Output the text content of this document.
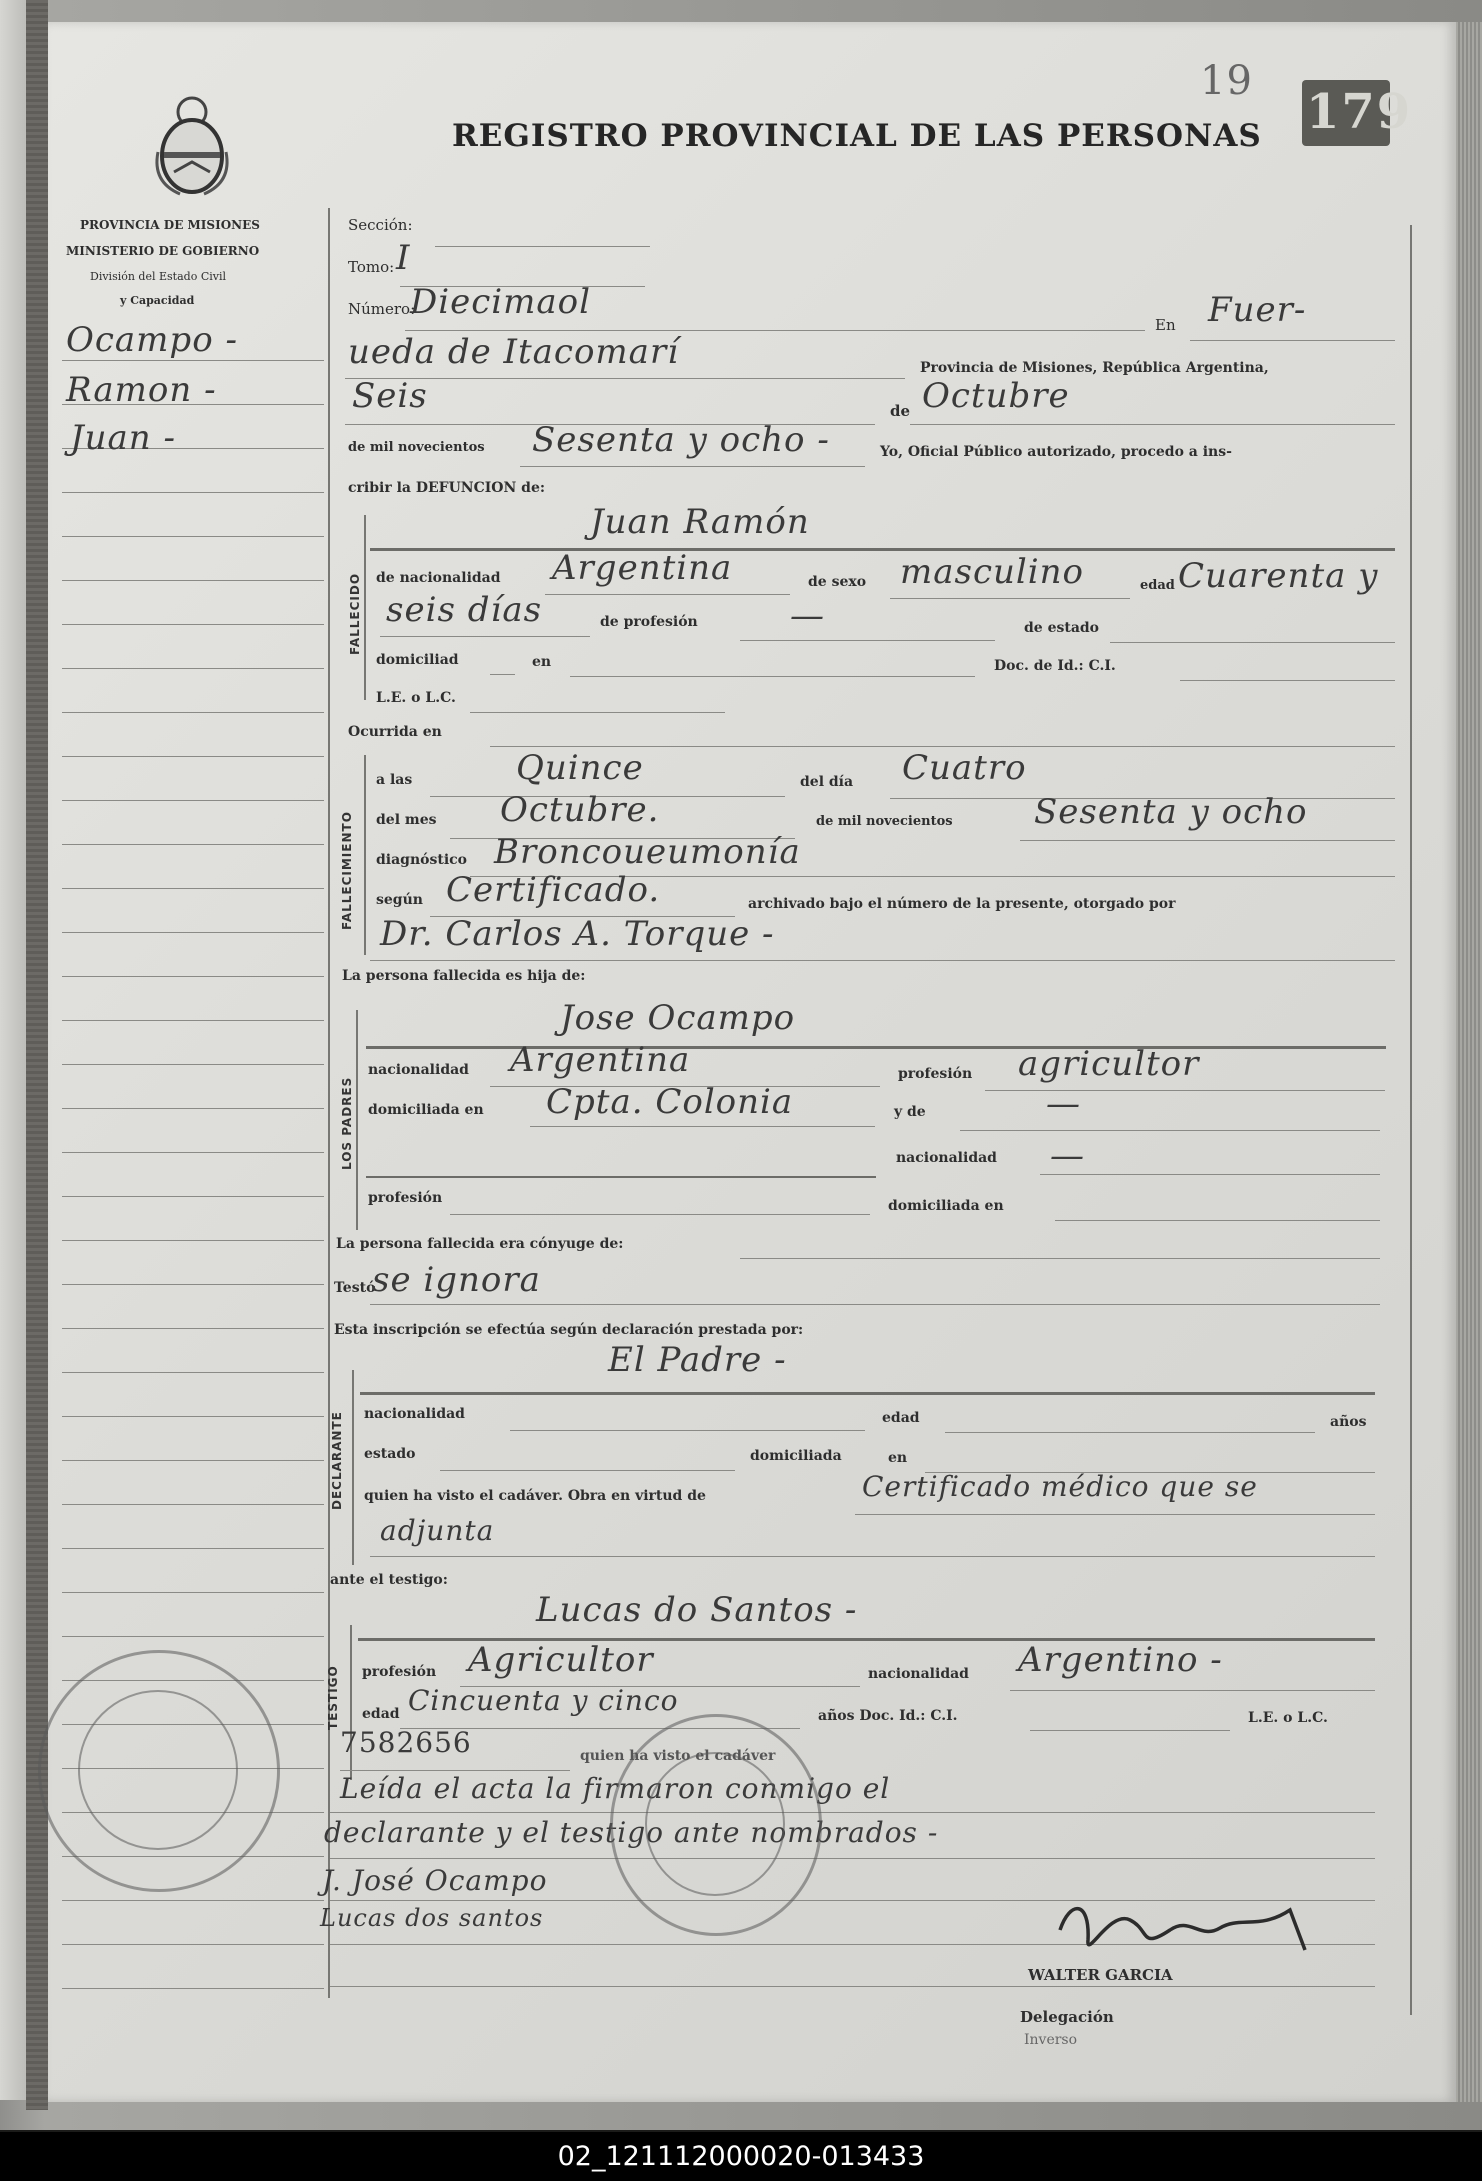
19
179
REGISTRO PROVINCIAL DE LAS PERSONAS
PROVINCIA DE MISIONES
MINISTERIO DE GOBIERNO
División del Estado Civil
y Capacidad
Ocampo -
Ramon -
Juan -
Sección:
Tomo: I
Número:
Diecimaol
En Fuer-
ueda de Itacomarí	Provincia de Misiones, República Argentina,
Seis	de Octubre
de mil novecientos Sesenta y ocho -	Yo, Oficial Público autorizado, procedo a ins-
cribir la DEFUNCION de:
FALLECIDO
Juan Ramón
de nacionalidad Argentina	de sexo masculino	edad Cuarenta y
seis días	de profesión	—	de estado
domiciliad	en	Doc. de Id.: C.I.
L.E. o L.C.
Ocurrida en
FALLECIMIENTO
a las	Quince	del día Cuatro
del mes Octubre.	de mil novecientos Sesenta y ocho
diagnóstico Broncoueumonía
según Certificado.	archivado bajo el número de la presente, otorgado por
Dr. Carlos A. Torque -
La persona fallecida es hija de:
LOS PADRES
Jose Ocampo
nacionalidad Argentina	profesión agricultor
domiciliada en Cpta. Colonia	y de	—
nacionalidad —
profesión	domiciliada en
La persona fallecida era cónyuge de:
Testó
se ignora
Esta inscripción se efectúa según declaración prestada por:
El Padre -
DECLARANTE nacionalidad	edad	años
estado	domiciliada	en
quien ha visto el cadáver. Obra en virtud de	Certificado médico que se
adjunta
ante el testigo:
Lucas do Santos -
TESTIGO profesión Agricultor	nacionalidad Argentino -
edad Cincuenta y cinco	años Doc. Id.: C.I.	L.E. o L.C.
7582656	quien ha visto el cadáver
Leída el acta la firmaron conmigo el
declarante y el testigo ante nombrados -
J. José Ocampo
Lucas dos santos
WALTER GARCIA
Delegación
Inverso
02_121112000020-013433
